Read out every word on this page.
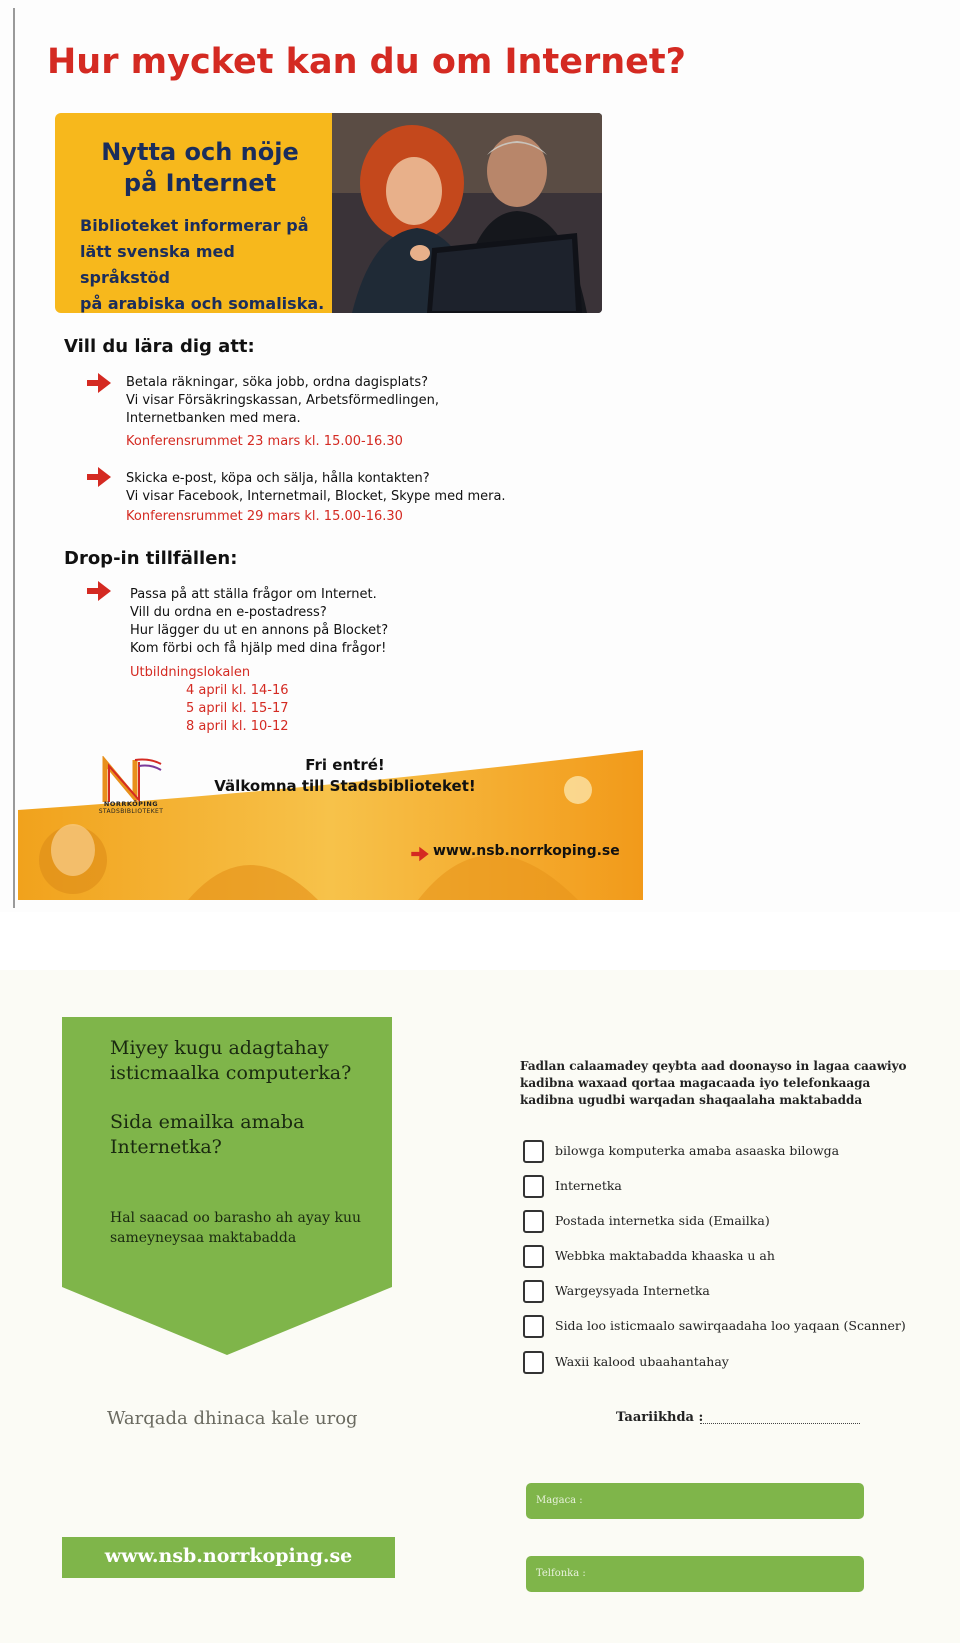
Hur mycket kan du om Internet?
Nytta och nöje
på Internet
Biblioteket informerar på
lätt svenska med språkstöd
på arabiska och somaliska.
Vill du lära dig att:
Betala räkningar, söka jobb, ordna dagisplats?
Vi visar Försäkringskassan, Arbetsförmedlingen,
Internetbanken med mera.
Konferensrummet 23 mars kl. 15.00-16.30
Skicka e-post, köpa och sälja, hålla kontakten?
Vi visar Facebook, Internetmail, Blocket, Skype med mera.
Konferensrummet 29 mars kl. 15.00-16.30
Drop-in tillfällen:
Passa på att ställa frågor om Internet.
Vill du ordna en e-postadress?
Hur lägger du ut en annons på Blocket?
Kom förbi och få hjälp med dina frågor!
Utbildningslokalen
4 april kl. 14-16
5 april kl. 15-17
8 april kl. 10-12
NORRKÖPING
STADSBIBLIOTEKET
Fri entré!
Välkomna till Stadsbiblioteket!
www.nsb.norrkoping.se
Miyey kugu adagtahay isticmaalka computerka?
Sida emailka amaba Internetka?
Hal saacad oo barasho ah ayay kuu sameyneysaa maktabadda
Warqada dhinaca kale urog
www.nsb.norrkoping.se
Fadlan calaamadey qeybta aad doonayso in lagaa caawiyo kadibna waxaad qortaa magacaada iyo telefonkaaga kadibna ugudbi warqadan shaqaalaha maktabadda
bilowga komputerka amaba asaaska bilowga
Internetka
Postada internetka sida (Emailka)
Webbka maktabadda khaaska u ah
Wargeysyada Internetka
Sida loo isticmaalo sawirqaadaha loo yaqaan (Scanner)
Waxii kalood ubaahantahay
Taariikhda :
Magaca :
Telfonka :
